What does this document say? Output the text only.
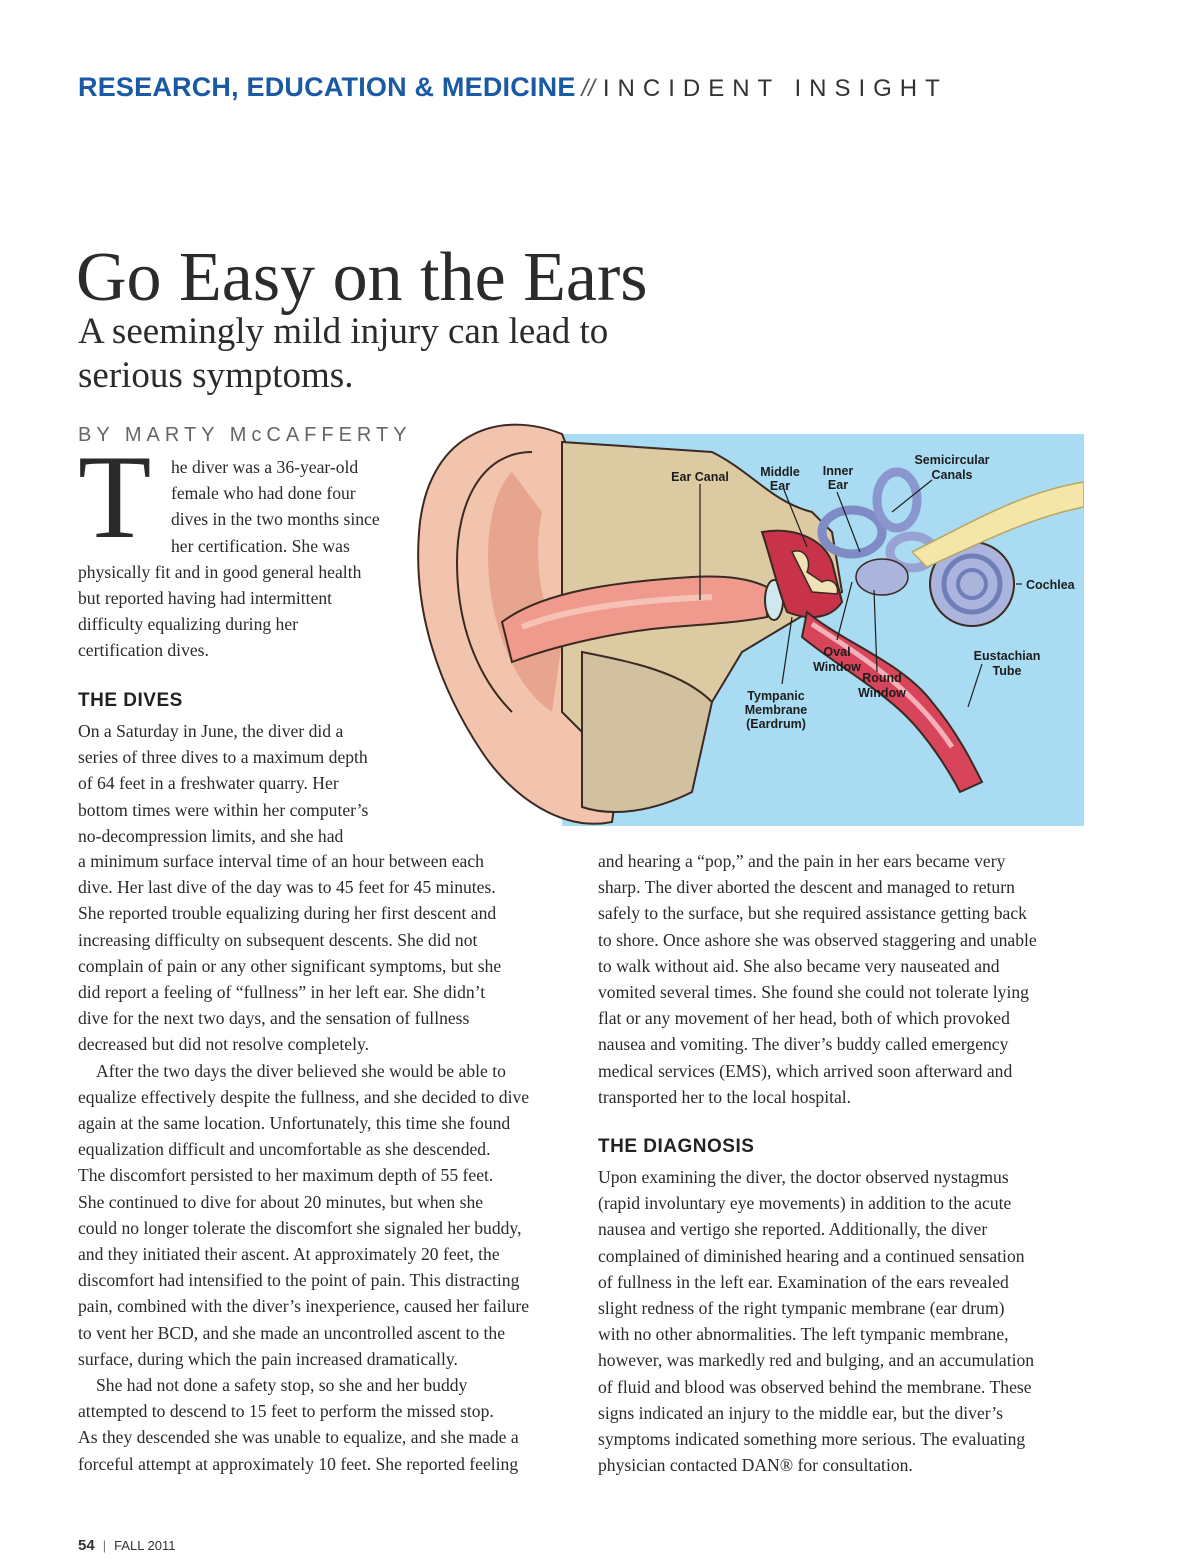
RESEARCH, EDUCATION & MEDICINE // INCIDENT INSIGHT
Go Easy on the Ears
A seemingly mild injury can lead to serious symptoms.
BY MARTY McCAFFERTY
T	he diver was a 36-year-old
female who had done four
dives in the two months since
her certification. She was
physically fit and in good general health
but reported having had intermittent
difficulty equalizing during her
certification dives.
THE DIVES
On a Saturday in June, the diver did a
series of three dives to a maximum depth
of 64 feet in a freshwater quarry. Her
bottom times were within her computer’s
no-decompression limits, and she had
a minimum surface interval time of an hour between each
dive. Her last dive of the day was to 45 feet for 45 minutes.
She reported trouble equalizing during her first descent and
increasing difficulty on subsequent descents. She did not
complain of pain or any other significant symptoms, but she
did report a feeling of “fullness” in her left ear. She didn’t
dive for the next two days, and the sensation of fullness
decreased but did not resolve completely.
After the two days the diver believed she would be able to
equalize effectively despite the fullness, and she decided to dive
again at the same location. Unfortunately, this time she found
equalization difficult and uncomfortable as she descended.
The discomfort persisted to her maximum depth of 55 feet.
She continued to dive for about 20 minutes, but when she
could no longer tolerate the discomfort she signaled her buddy,
and they initiated their ascent. At approximately 20 feet, the
discomfort had intensified to the point of pain. This distracting
pain, combined with the diver’s inexperience, caused her failure
to vent her BCD, and she made an uncontrolled ascent to the
surface, during which the pain increased dramatically.
She had not done a safety stop, so she and her buddy
attempted to descend to 15 feet to perform the missed stop.
As they descended she was unable to equalize, and she made a
forceful attempt at approximately 10 feet. She reported feeling
and hearing a “pop,” and the pain in her ears became very
sharp. The diver aborted the descent and managed to return
safely to the surface, but she required assistance getting back
to shore. Once ashore she was observed staggering and unable
to walk without aid. She also became very nauseated and
vomited several times. She found she could not tolerate lying
flat or any movement of her head, both of which provoked
nausea and vomiting. The diver’s buddy called emergency
medical services (EMS), which arrived soon afterward and
transported her to the local hospital.
THE DIAGNOSIS
Upon examining the diver, the doctor observed nystagmus
(rapid involuntary eye movements) in addition to the acute
nausea and vertigo she reported. Additionally, the diver
complained of diminished hearing and a continued sensation
of fullness in the left ear. Examination of the ears revealed
slight redness of the right tympanic membrane (ear drum)
with no other abnormalities. The left tympanic membrane,
however, was markedly red and bulging, and an accumulation
of fluid and blood was observed behind the membrane. These
signs indicated an injury to the middle ear, but the diver’s
symptoms indicated something more serious. The evaluating
physician contacted DAN® for consultation.
Ear Canal	Middle
Ear
Inner
Ear
Semicircular
Canals
Cochlea
Oval
Window
Round
Window
Eustachian
Tube
Tympanic
Membrane
(Eardrum)
54 | FALL 2011
